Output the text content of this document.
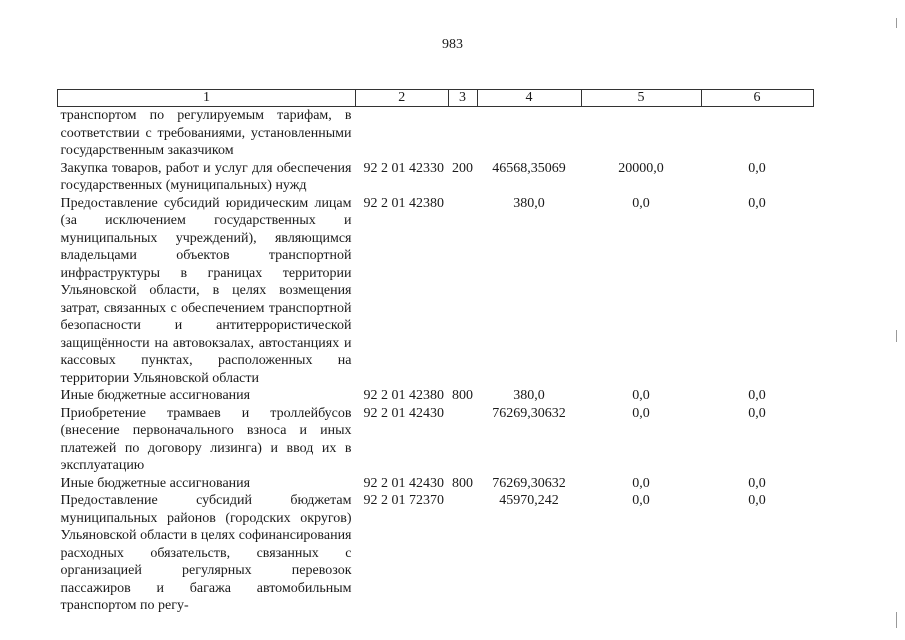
983
1	2	3	4	5	6
транспортом по регулируемым тарифам, в соответствии с требованиями, установленными государственным заказчиком					
Закупка товаров, работ и услуг для обеспечения государственных (муниципальных) нужд	92 2 01 42330	200	46568,35069	20000,0	0,0
Предоставление субсидий юридическим лицам (за исключением государственных и муниципальных учреждений), являющимся владельцами объектов транспортной инфраструктуры в границах территории Ульяновской области, в целях возмещения затрат, связанных с обеспечением транспортной безопасности и антитеррористической защищённости на автовокзалах, автостанциях и кассовых пунктах, расположенных на территории Ульяновской области	92 2 01 42380		380,0	0,0	0,0
Иные бюджетные ассигнования	92 2 01 42380	800	380,0	0,0	0,0
Приобретение трамваев и троллейбусов (внесение первоначального взноса и иных платежей по договору лизинга) и ввод их в эксплуатацию	92 2 01 42430		76269,30632	0,0	0,0
Иные бюджетные ассигнования	92 2 01 42430	800	76269,30632	0,0	0,0
Предоставление субсидий бюджетам муниципальных районов (городских округов) Ульяновской области в целях софинансирования расходных обязательств, связанных с организацией регулярных перевозок пассажиров и багажа автомобильным транспортом по регу-	92 2 01 72370		45970,242	0,0	0,0
